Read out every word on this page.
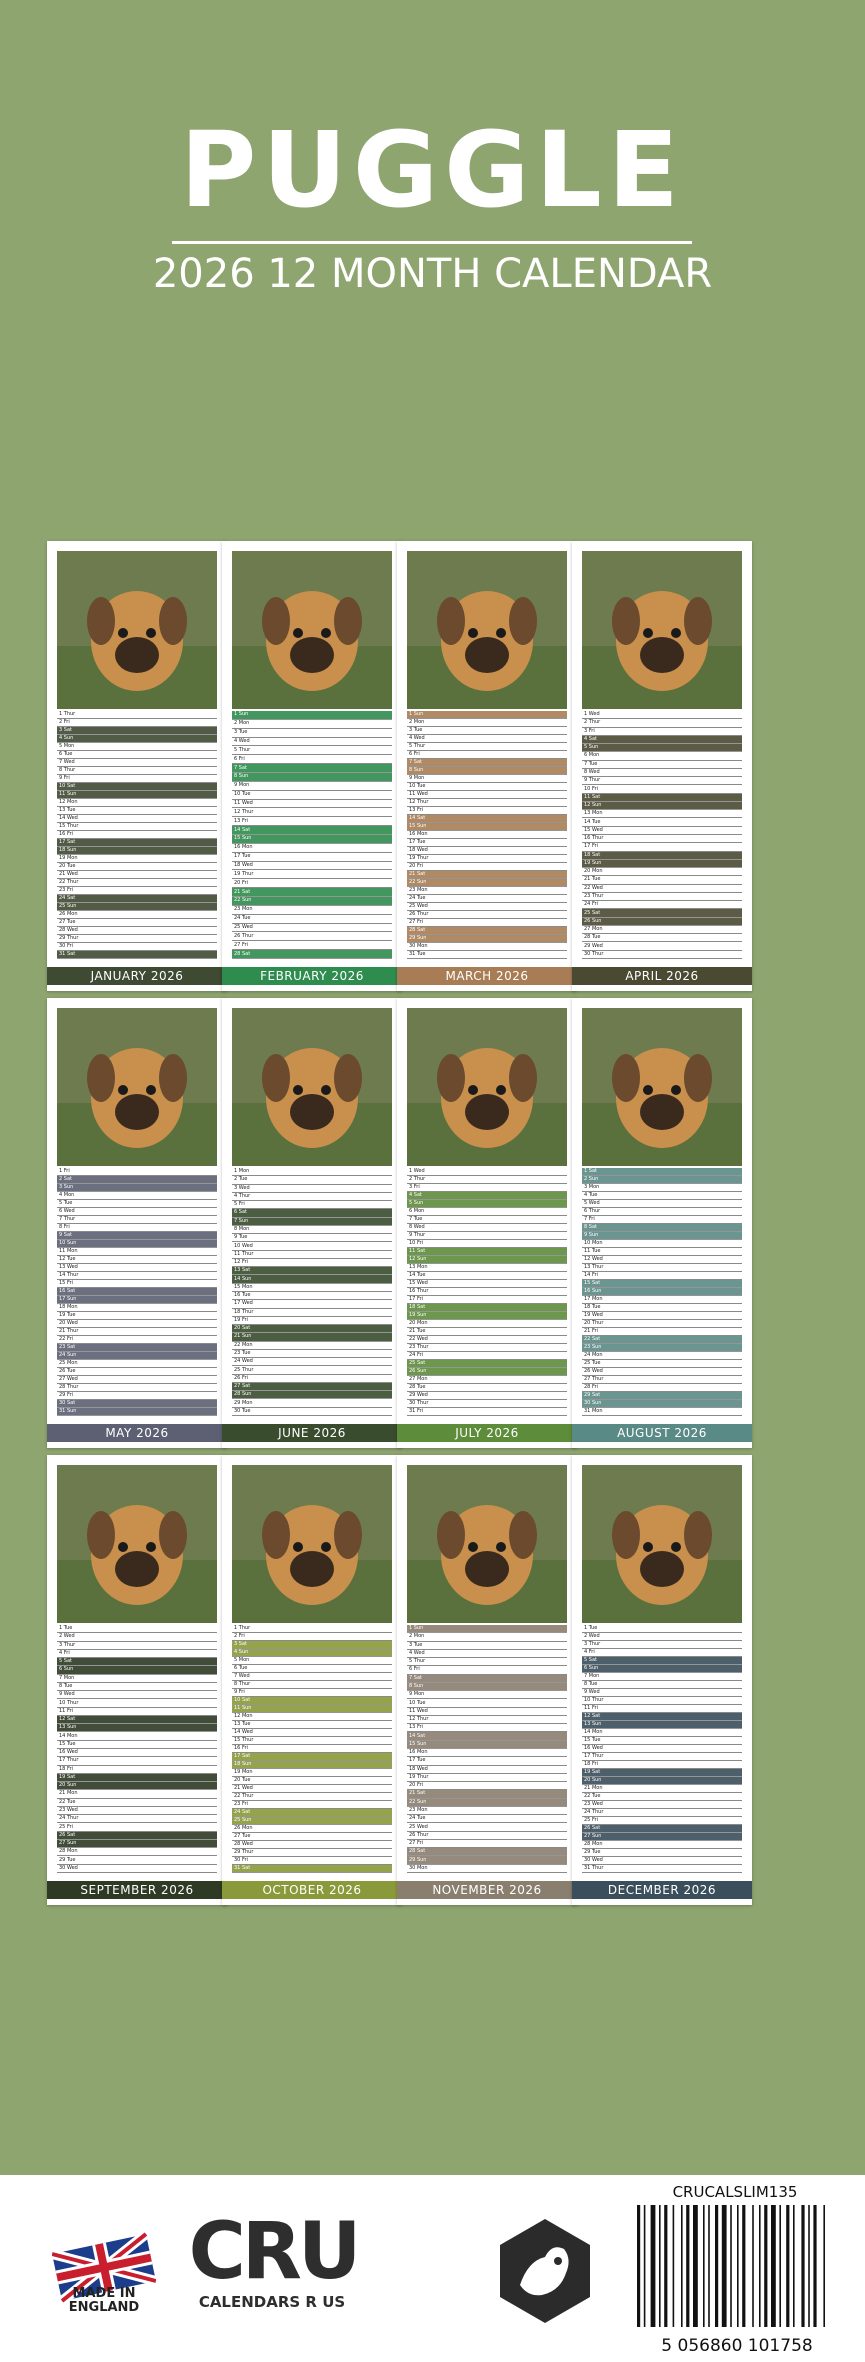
PUGGLE
2026 12 MONTH CALENDAR
1 Thur
2 Fri
3 Sat
4 Sun
5 Mon
6 Tue
7 Wed
8 Thur
9 Fri
10 Sat
11 Sun
12 Mon
13 Tue
14 Wed
15 Thur
16 Fri
17 Sat
18 Sun
19 Mon
20 Tue
21 Wed
22 Thur
23 Fri
24 Sat
25 Sun
26 Mon
27 Tue
28 Wed
29 Thur
30 Fri
31 Sat
JANUARY 2026
1 Sun
2 Mon
3 Tue
4 Wed
5 Thur
6 Fri
7 Sat
8 Sun
9 Mon
10 Tue
11 Wed
12 Thur
13 Fri
14 Sat
15 Sun
16 Mon
17 Tue
18 Wed
19 Thur
20 Fri
21 Sat
22 Sun
23 Mon
24 Tue
25 Wed
26 Thur
27 Fri
28 Sat
FEBRUARY 2026
1 Sun
2 Mon
3 Tue
4 Wed
5 Thur
6 Fri
7 Sat
8 Sun
9 Mon
10 Tue
11 Wed
12 Thur
13 Fri
14 Sat
15 Sun
16 Mon
17 Tue
18 Wed
19 Thur
20 Fri
21 Sat
22 Sun
23 Mon
24 Tue
25 Wed
26 Thur
27 Fri
28 Sat
29 Sun
30 Mon
31 Tue
MARCH 2026
1 Wed
2 Thur
3 Fri
4 Sat
5 Sun
6 Mon
7 Tue
8 Wed
9 Thur
10 Fri
11 Sat
12 Sun
13 Mon
14 Tue
15 Wed
16 Thur
17 Fri
18 Sat
19 Sun
20 Mon
21 Tue
22 Wed
23 Thur
24 Fri
25 Sat
26 Sun
27 Mon
28 Tue
29 Wed
30 Thur
APRIL 2026
1 Fri
2 Sat
3 Sun
4 Mon
5 Tue
6 Wed
7 Thur
8 Fri
9 Sat
10 Sun
11 Mon
12 Tue
13 Wed
14 Thur
15 Fri
16 Sat
17 Sun
18 Mon
19 Tue
20 Wed
21 Thur
22 Fri
23 Sat
24 Sun
25 Mon
26 Tue
27 Wed
28 Thur
29 Fri
30 Sat
31 Sun
MAY 2026
1 Mon
2 Tue
3 Wed
4 Thur
5 Fri
6 Sat
7 Sun
8 Mon
9 Tue
10 Wed
11 Thur
12 Fri
13 Sat
14 Sun
15 Mon
16 Tue
17 Wed
18 Thur
19 Fri
20 Sat
21 Sun
22 Mon
23 Tue
24 Wed
25 Thur
26 Fri
27 Sat
28 Sun
29 Mon
30 Tue
JUNE 2026
1 Wed
2 Thur
3 Fri
4 Sat
5 Sun
6 Mon
7 Tue
8 Wed
9 Thur
10 Fri
11 Sat
12 Sun
13 Mon
14 Tue
15 Wed
16 Thur
17 Fri
18 Sat
19 Sun
20 Mon
21 Tue
22 Wed
23 Thur
24 Fri
25 Sat
26 Sun
27 Mon
28 Tue
29 Wed
30 Thur
31 Fri
JULY 2026
1 Sat
2 Sun
3 Mon
4 Tue
5 Wed
6 Thur
7 Fri
8 Sat
9 Sun
10 Mon
11 Tue
12 Wed
13 Thur
14 Fri
15 Sat
16 Sun
17 Mon
18 Tue
19 Wed
20 Thur
21 Fri
22 Sat
23 Sun
24 Mon
25 Tue
26 Wed
27 Thur
28 Fri
29 Sat
30 Sun
31 Mon
AUGUST 2026
1 Tue
2 Wed
3 Thur
4 Fri
5 Sat
6 Sun
7 Mon
8 Tue
9 Wed
10 Thur
11 Fri
12 Sat
13 Sun
14 Mon
15 Tue
16 Wed
17 Thur
18 Fri
19 Sat
20 Sun
21 Mon
22 Tue
23 Wed
24 Thur
25 Fri
26 Sat
27 Sun
28 Mon
29 Tue
30 Wed
SEPTEMBER 2026
1 Thur
2 Fri
3 Sat
4 Sun
5 Mon
6 Tue
7 Wed
8 Thur
9 Fri
10 Sat
11 Sun
12 Mon
13 Tue
14 Wed
15 Thur
16 Fri
17 Sat
18 Sun
19 Mon
20 Tue
21 Wed
22 Thur
23 Fri
24 Sat
25 Sun
26 Mon
27 Tue
28 Wed
29 Thur
30 Fri
31 Sat
OCTOBER 2026
1 Sun
2 Mon
3 Tue
4 Wed
5 Thur
6 Fri
7 Sat
8 Sun
9 Mon
10 Tue
11 Wed
12 Thur
13 Fri
14 Sat
15 Sun
16 Mon
17 Tue
18 Wed
19 Thur
20 Fri
21 Sat
22 Sun
23 Mon
24 Tue
25 Wed
26 Thur
27 Fri
28 Sat
29 Sun
30 Mon
NOVEMBER 2026
1 Tue
2 Wed
3 Thur
4 Fri
5 Sat
6 Sun
7 Mon
8 Tue
9 Wed
10 Thur
11 Fri
12 Sat
13 Sun
14 Mon
15 Tue
16 Wed
17 Thur
18 Fri
19 Sat
20 Sun
21 Mon
22 Tue
23 Wed
24 Thur
25 Fri
26 Sat
27 Sun
28 Mon
29 Tue
30 Wed
31 Thur
DECEMBER 2026
MADE IN ENGLAND
CRU
CALENDARS R US
CRUCALSLIM135
5 056860 101758
